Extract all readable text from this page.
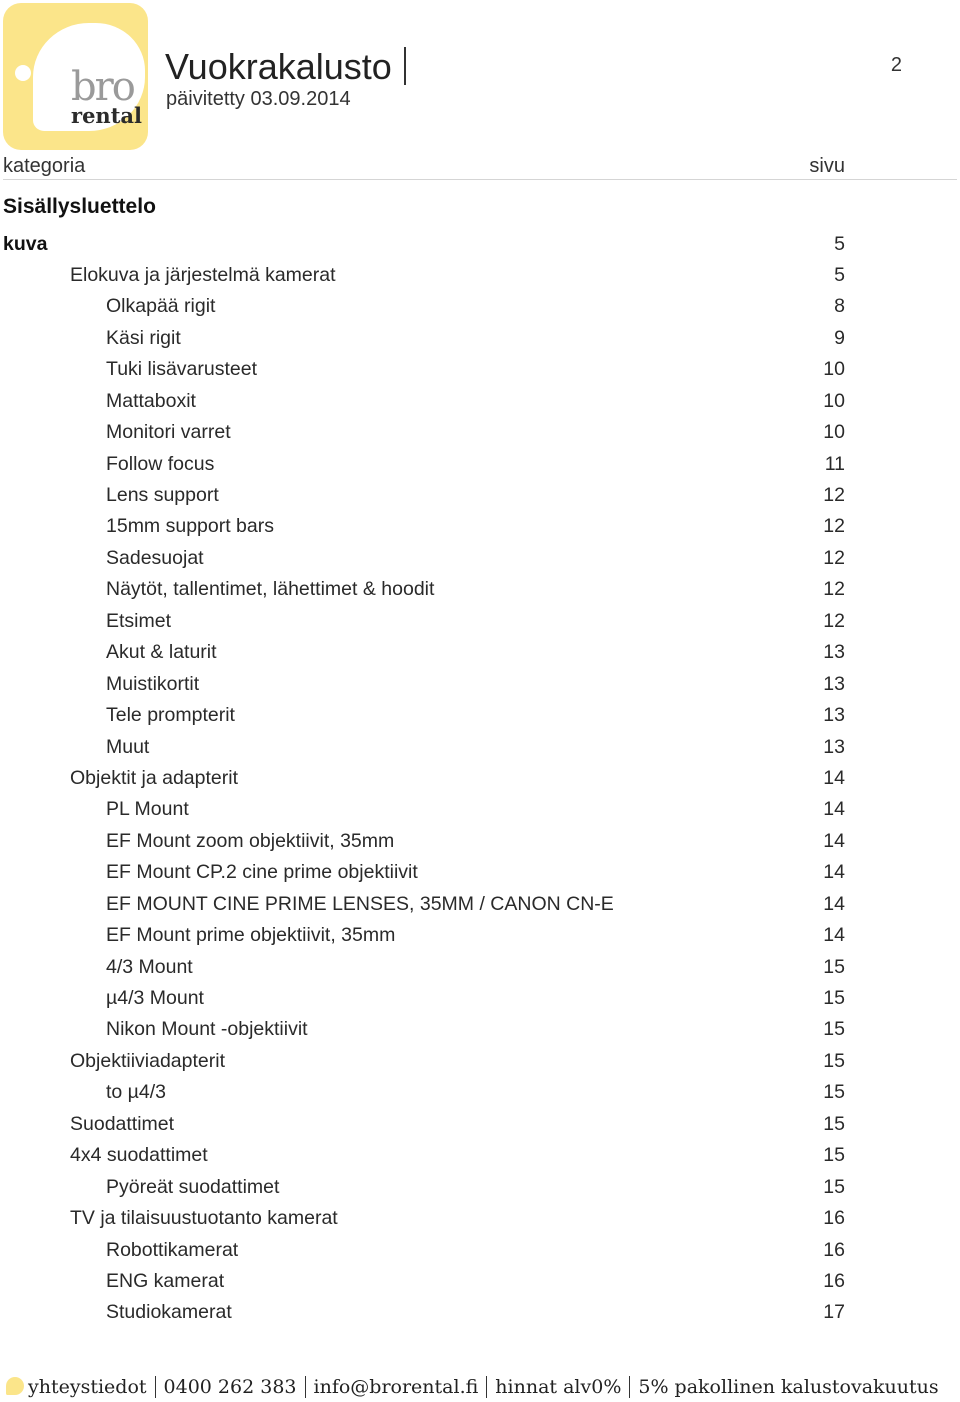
bro
rental
Vuokrakalusto
päivitetty 03.09.2014
2
kategoria	sivu
Sisällysluettelo
kuva	5
Elokuva ja järjestelmä kamerat	5
Olkapää rigit	8
Käsi rigit	9
Tuki lisävarusteet	10
Mattaboxit	10
Monitori varret	10
Follow focus	11
Lens support	12
15mm support bars	12
Sadesuojat	12
Näytöt, tallentimet, lähettimet & hoodit	12
Etsimet	12
Akut & laturit	13
Muistikortit	13
Tele prompterit	13
Muut	13
Objektit ja adapterit	14
PL Mount	14
EF Mount zoom objektiivit, 35mm	14
EF Mount CP.2 cine prime objektiivit	14
EF MOUNT CINE PRIME LENSES, 35MM / CANON CN-E	14
EF Mount prime objektiivit, 35mm	14
4/3 Mount	15
µ4/3 Mount	15
Nikon Mount -objektiivit	15
Objektiiviadapterit	15
to µ4/3	15
Suodattimet	15
4x4 suodattimet	15
Pyöreät suodattimet	15
TV ja tilaisuustuotanto kamerat	16
Robottikamerat	16
ENG kamerat	16
Studiokamerat	17
yhteystiedot 0400 262 383 info@brorental.fi hinnat alv0% 5% pakollinen kalustovakuutus
